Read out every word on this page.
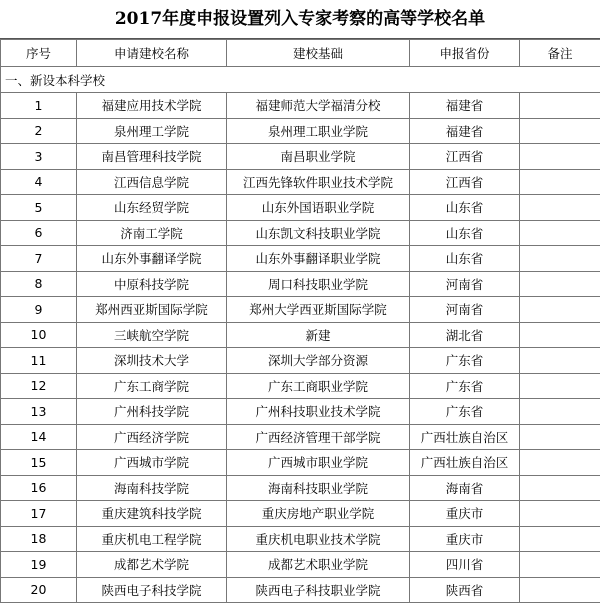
2017年度申报设置列入专家考察的高等学校名单
序号	申请建校名称	建校基础	申报省份	备注
一、新设本科学校				
1	福建应用技术学院	福建师范大学福清分校	福建省	
2	泉州理工学院	泉州理工职业学院	福建省	
3	南昌管理科技学院	南昌职业学院	江西省	
4	江西信息学院	江西先锋软件职业技术学院	江西省	
5	山东经贸学院	山东外国语职业学院	山东省	
6	济南工学院	山东凯文科技职业学院	山东省	
7	山东外事翻译学院	山东外事翻译职业学院	山东省	
8	中原科技学院	周口科技职业学院	河南省	
9	郑州西亚斯国际学院	郑州大学西亚斯国际学院	河南省	
10	三峡航空学院	新建	湖北省	
11	深圳技术大学	深圳大学部分资源	广东省	
12	广东工商学院	广东工商职业学院	广东省	
13	广州科技学院	广州科技职业技术学院	广东省	
14	广西经济学院	广西经济管理干部学院	广西壮族自治区	
15	广西城市学院	广西城市职业学院	广西壮族自治区	
16	海南科技学院	海南科技职业学院	海南省	
17	重庆建筑科技学院	重庆房地产职业学院	重庆市	
18	重庆机电工程学院	重庆机电职业技术学院	重庆市	
19	成都艺术学院	成都艺术职业学院	四川省	
20	陕西电子科技学院	陕西电子科技职业学院	陕西省	
